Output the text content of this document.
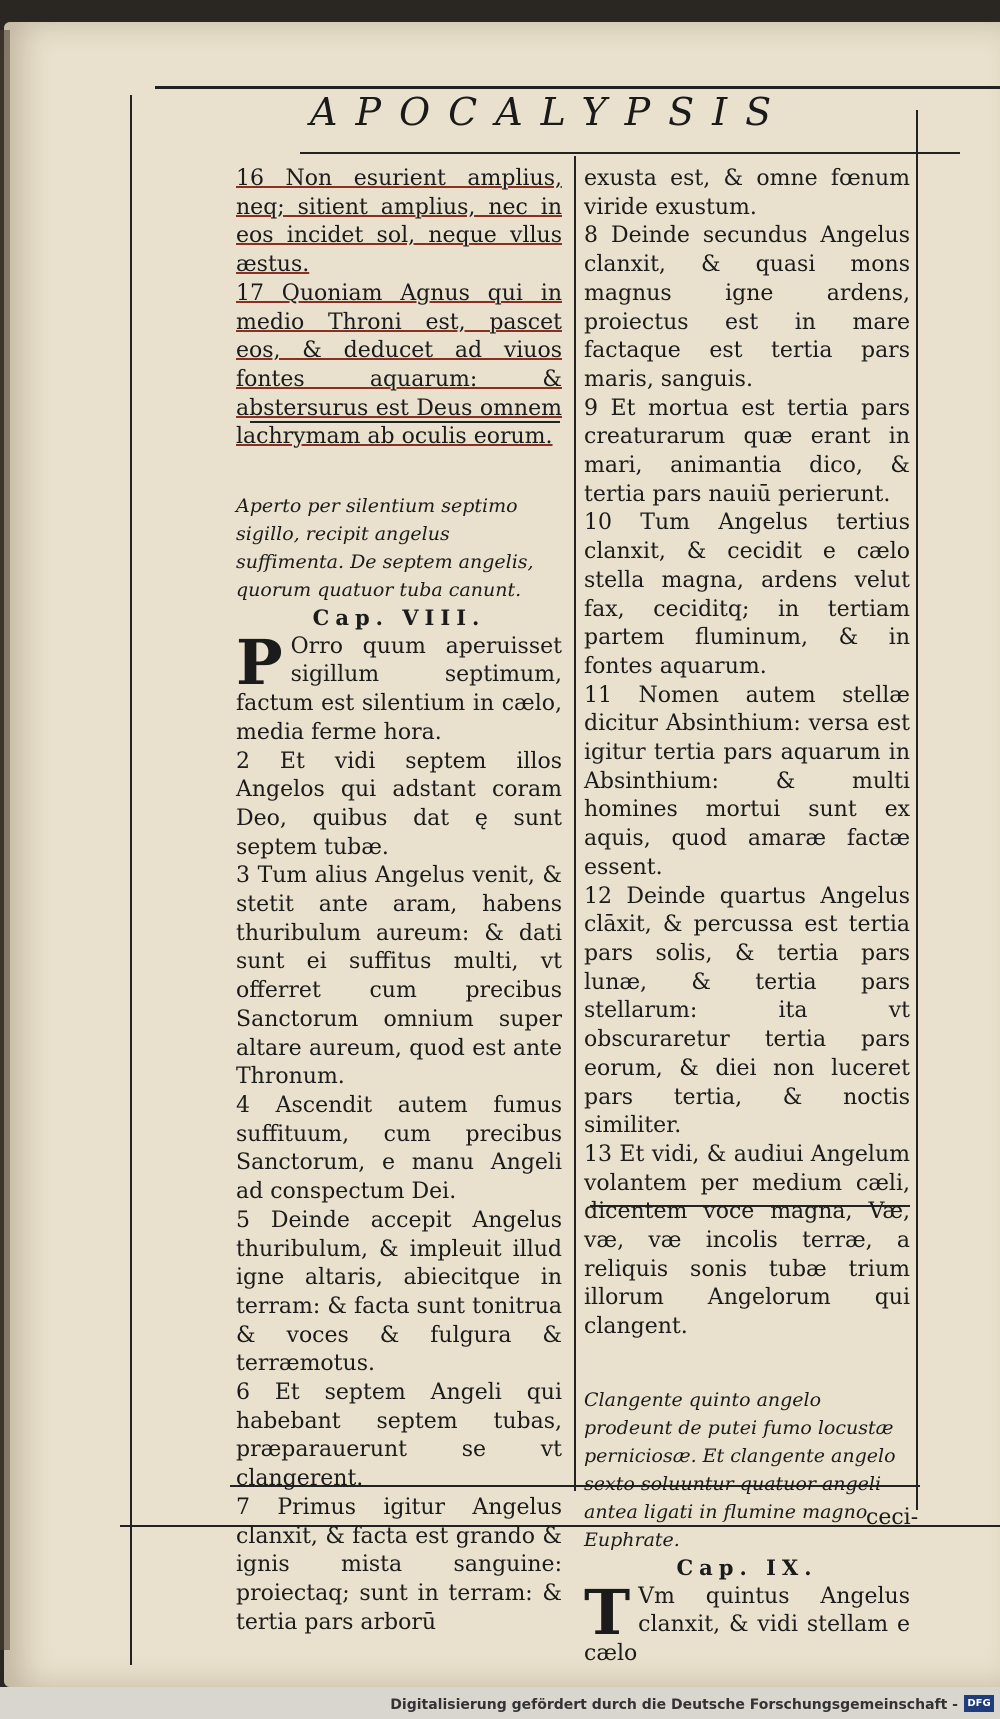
APOCALYPSIS

16 Non esurient amplius, neq; sitient amplius, nec in eos incidet sol, neque vllus æstus.

17 Quoniam Agnus qui in medio Throni est, pascet eos, & deducet ad viuos fontes aquarum: & abstersurus est Deus omnem lachrymam ab oculis eorum.

Aperto per silentium septimo sigillo, recipit angelus suffimenta. De septem angelis, quorum quatuor tuba canunt.

Cap. VIII.

P Orro quum aperuisset sigillum septimum, factum est silentium in cælo, media ferme hora.

2 Et vidi septem illos Angelos qui adstant coram Deo, quibus dat ę sunt septem tubæ.

3 Tum alius Angelus venit, & stetit ante aram, habens thuribulum aureum: & dati sunt ei suffitus multi, vt offerret cum precibus Sanctorum omnium super altare aureum, quod est ante Thronum.

4 Ascendit autem fumus suffituum, cum precibus Sanctorum, e manu Angeli ad conspectum Dei.

5 Deinde accepit Angelus thuribulum, & impleuit illud igne altaris, abiecitque in terram: & facta sunt tonitrua & voces & fulgura & terræmotus.

6 Et septem Angeli qui habebant septem tubas, præparauerunt se vt clangerent.

7 Primus igitur Angelus clanxit, & facta est grando & ignis mista sanguine: proiectaq; sunt in terram: & tertia pars arborū

exusta est, & omne fœnum viride exustum.

8 Deinde secundus Angelus clanxit, & quasi mons magnus igne ardens, proiectus est in mare factaque est tertia pars maris, sanguis.

9 Et mortua est tertia pars creaturarum quæ erant in mari, animantia dico, & tertia pars nauiū perierunt.

10 Tum Angelus tertius clanxit, & cecidit e cælo stella magna, ardens velut fax, ceciditq; in tertiam partem fluminum, & in fontes aquarum.

11 Nomen autem stellæ dicitur Absinthium: versa est igitur tertia pars aquarum in Absinthium: & multi homines mortui sunt ex aquis, quod amaræ factæ essent.

12 Deinde quartus Angelus clāxit, & percussa est tertia pars solis, & tertia pars lunæ, & tertia pars stellarum: ita vt obscuraretur tertia pars eorum, & diei non luceret pars tertia, & noctis similiter.

13 Et vidi, & audiui Angelum volantem per medium cæli, dicentem voce magna, Væ, væ, væ incolis terræ, a reliquis sonis tubæ trium illorum Angelorum qui clangent.

Clangente quinto angelo prodeunt de putei fumo locustæ perniciosæ. Et clangente angelo sexto soluuntur quatuor angeli antea ligati in flumine magno Euphrate.

Cap. IX.

T Vm quintus Angelus clanxit, & vidi stellam e cælo

ceci-
Digitalisierung gefördert durch die Deutsche Forschungsgemeinschaft - DFG
